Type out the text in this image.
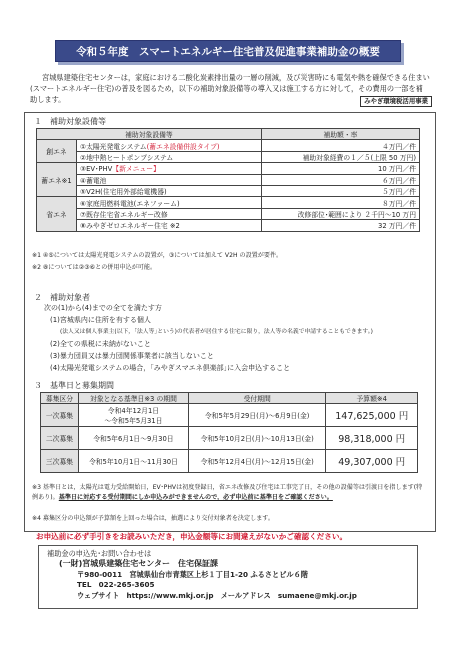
令和５年度　スマートエネルギー住宅普及促進事業補助金の概要
宮城県建築住宅センターは，家庭における二酸化炭素排出量の一層の削減，及び災害時にも電気や熱を確保できる住まい(スマートエネルギー住宅)の普及を図るため，以下の補助対象設備等の導入又は施工する方に対して，その費用の一部を補助します。	みやぎ環境税活用事業
１　補助対象設備等
補助対象設備等		補助額・率
創エネ	①太陽光発電システム(蓄エネ設備併設タイプ)	４万円／件
	②地中熱ヒートポンプシステム	補助対象経費の１／５(上限 50 万円)
蓄エネ※1	③EV･PHV【新メニュー】	10 万円／件
	④蓄電池	６万円／件
	⑤V2H(住宅用外部給電機器)	５万円／件
省エネ	⑥家庭用燃料電池(エネファーム)	８万円／件
	⑦既存住宅省エネルギー改修	改修部位･範囲により ２千円～10 万円
	⑧みやぎゼロエネルギー住宅 ※2	32 万円／件
※1 ④⑤については太陽光発電システムの設置が，③については加えて V2H の設置が要件。
※2 ⑧については②③⑥との併用申込が可能。
２　補助対象者
次の(1)から(4)までの全てを満たす方
(1)宮城県内に住所を有する個人
(法人又は個人事業主(以下，｢法人等｣という)の代表者が居住する住宅に限り，法人等の名義で申請することもできます。)
(2)全ての県税に未納がないこと
(3)暴力団員又は暴力団関係事業者に該当しないこと
(4)太陽光発電システムの場合，｢みやぎスマエネ倶楽部｣に入会申込すること
３　基準日と募集期間
募集区分	対象となる基準日※3 の期間	受付期間	予算額※4
一次募集	令和4年12月1日
～令和5年5月31日	令和5年5月29日(月)～6月9日(金)	147,625,000 円
二次募集	令和5年6月1日～9月30日	令和5年10月2日(月)～10月13日(金)	98,318,000 円
三次募集	令和5年10月1日～11月30日	令和5年12月4日(月)～12月15日(金)	49,307,000 円
※3 基準日とは，太陽光は電力受給開始日，EV･PHVは初度登録日，省エネ改修及び住宅は工事完了日，その他の設備等は引渡日を指します(特例あり)。基準日に対応する受付期間にしか申込みができませんので，必ず申込前に基準日をご確認ください。
※4 募集区分の申込額が予算額を上回った場合は，抽選により交付対象者を決定します。
お申込前に必ず手引きをお読みいただき，申込金額等にお間違えがないかご確認ください。
補助金の申込先･お問い合わせは
(一財)宮城県建築住宅センター　住宅保証課
〒980-0011　宮城県仙台市青葉区上杉１丁目1-20 ふるさとビル６階
TEL　022-265-3605
ウェブサイト　https://www.mkj.or.jp　メールアドレス　sumaene@mkj.or.jp
